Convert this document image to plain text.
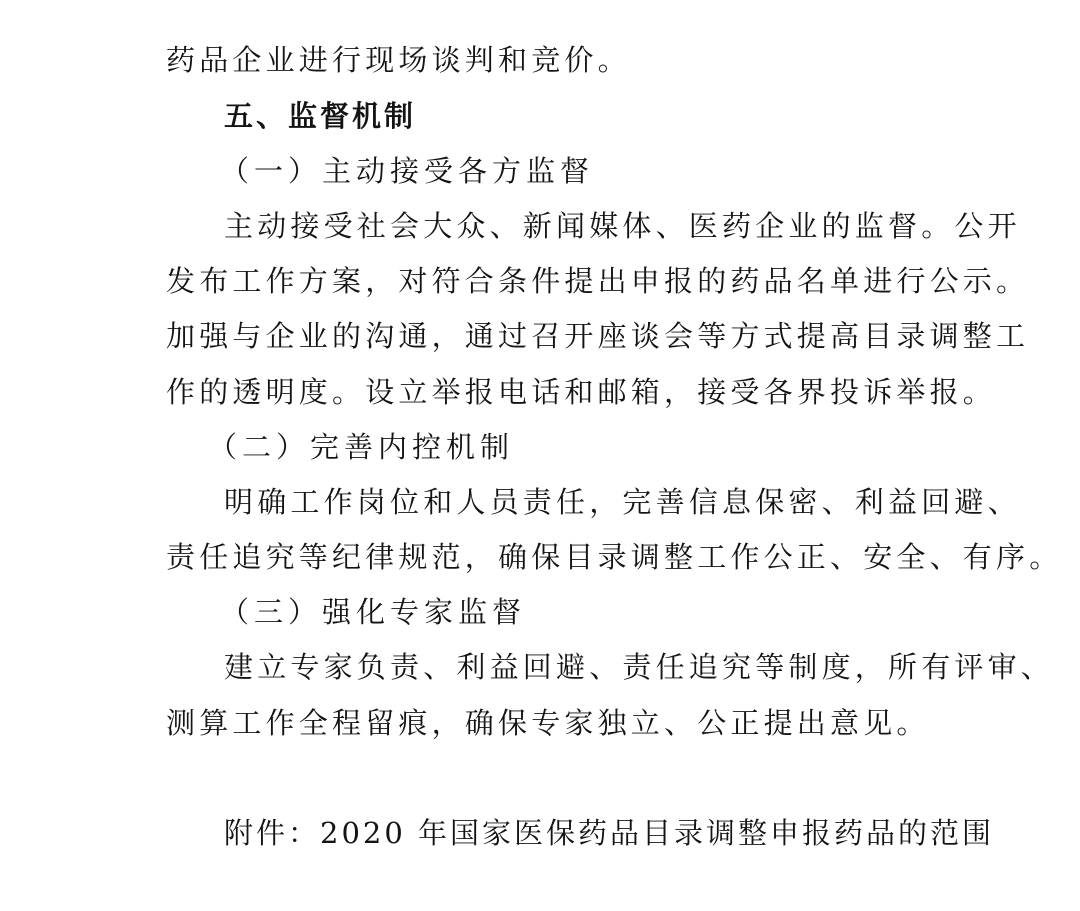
药品企业进行现场谈判和竞价。
五、监督机制
（一）主动接受各方监督
主动接受社会大众、新闻媒体、医药企业的监督。公开
发布工作方案，对符合条件提出申报的药品名单进行公示。
加强与企业的沟通，通过召开座谈会等方式提高目录调整工
作的透明度。设立举报电话和邮箱，接受各界投诉举报。
（二）完善内控机制
明确工作岗位和人员责任，完善信息保密、利益回避、
责任追究等纪律规范，确保目录调整工作公正、安全、有序。
（三）强化专家监督
建立专家负责、利益回避、责任追究等制度，所有评审、
测算工作全程留痕，确保专家独立、公正提出意见。
附件：2020 年国家医保药品目录调整申报药品的范围
